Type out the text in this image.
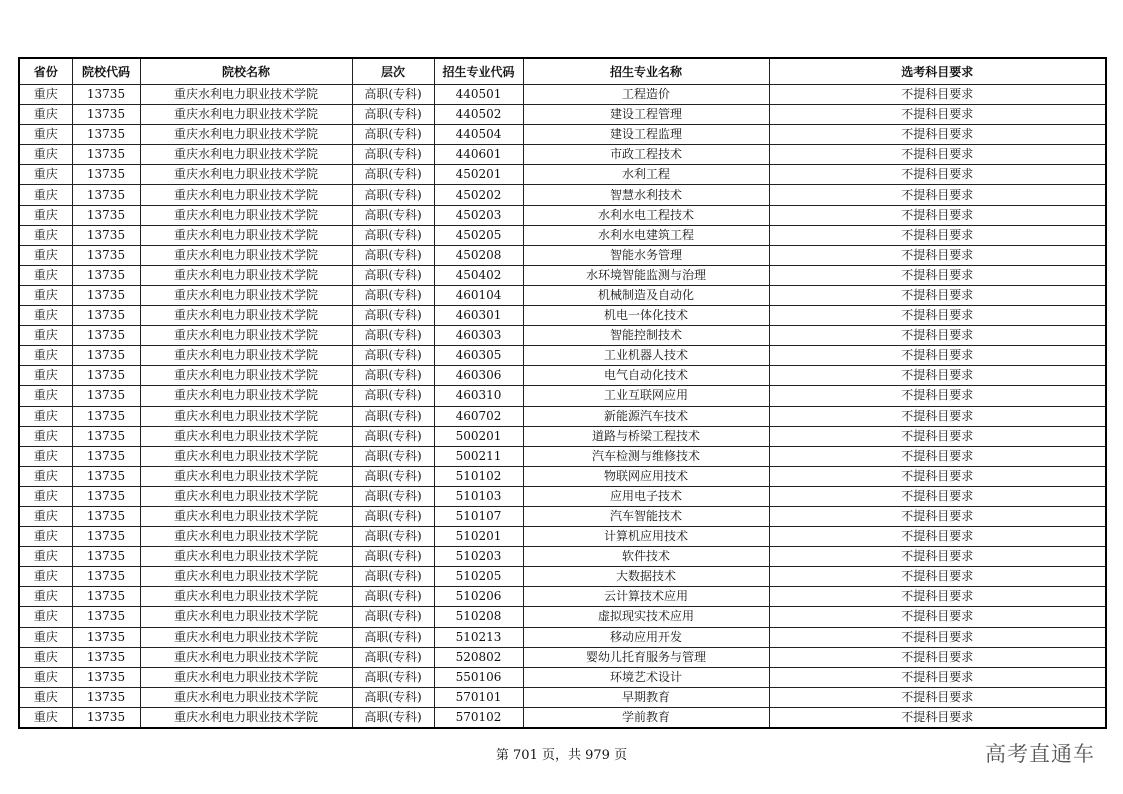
省份	院校代码	院校名称	层次	招生专业代码	招生专业名称	选考科目要求
重庆	13735	重庆水利电力职业技术学院	高职(专科)	440501	工程造价	不提科目要求
重庆	13735	重庆水利电力职业技术学院	高职(专科)	440502	建设工程管理	不提科目要求
重庆	13735	重庆水利电力职业技术学院	高职(专科)	440504	建设工程监理	不提科目要求
重庆	13735	重庆水利电力职业技术学院	高职(专科)	440601	市政工程技术	不提科目要求
重庆	13735	重庆水利电力职业技术学院	高职(专科)	450201	水利工程	不提科目要求
重庆	13735	重庆水利电力职业技术学院	高职(专科)	450202	智慧水利技术	不提科目要求
重庆	13735	重庆水利电力职业技术学院	高职(专科)	450203	水利水电工程技术	不提科目要求
重庆	13735	重庆水利电力职业技术学院	高职(专科)	450205	水利水电建筑工程	不提科目要求
重庆	13735	重庆水利电力职业技术学院	高职(专科)	450208	智能水务管理	不提科目要求
重庆	13735	重庆水利电力职业技术学院	高职(专科)	450402	水环境智能监测与治理	不提科目要求
重庆	13735	重庆水利电力职业技术学院	高职(专科)	460104	机械制造及自动化	不提科目要求
重庆	13735	重庆水利电力职业技术学院	高职(专科)	460301	机电一体化技术	不提科目要求
重庆	13735	重庆水利电力职业技术学院	高职(专科)	460303	智能控制技术	不提科目要求
重庆	13735	重庆水利电力职业技术学院	高职(专科)	460305	工业机器人技术	不提科目要求
重庆	13735	重庆水利电力职业技术学院	高职(专科)	460306	电气自动化技术	不提科目要求
重庆	13735	重庆水利电力职业技术学院	高职(专科)	460310	工业互联网应用	不提科目要求
重庆	13735	重庆水利电力职业技术学院	高职(专科)	460702	新能源汽车技术	不提科目要求
重庆	13735	重庆水利电力职业技术学院	高职(专科)	500201	道路与桥梁工程技术	不提科目要求
重庆	13735	重庆水利电力职业技术学院	高职(专科)	500211	汽车检测与维修技术	不提科目要求
重庆	13735	重庆水利电力职业技术学院	高职(专科)	510102	物联网应用技术	不提科目要求
重庆	13735	重庆水利电力职业技术学院	高职(专科)	510103	应用电子技术	不提科目要求
重庆	13735	重庆水利电力职业技术学院	高职(专科)	510107	汽车智能技术	不提科目要求
重庆	13735	重庆水利电力职业技术学院	高职(专科)	510201	计算机应用技术	不提科目要求
重庆	13735	重庆水利电力职业技术学院	高职(专科)	510203	软件技术	不提科目要求
重庆	13735	重庆水利电力职业技术学院	高职(专科)	510205	大数据技术	不提科目要求
重庆	13735	重庆水利电力职业技术学院	高职(专科)	510206	云计算技术应用	不提科目要求
重庆	13735	重庆水利电力职业技术学院	高职(专科)	510208	虚拟现实技术应用	不提科目要求
重庆	13735	重庆水利电力职业技术学院	高职(专科)	510213	移动应用开发	不提科目要求
重庆	13735	重庆水利电力职业技术学院	高职(专科)	520802	婴幼儿托育服务与管理	不提科目要求
重庆	13735	重庆水利电力职业技术学院	高职(专科)	550106	环境艺术设计	不提科目要求
重庆	13735	重庆水利电力职业技术学院	高职(专科)	570101	早期教育	不提科目要求
重庆	13735	重庆水利电力职业技术学院	高职(专科)	570102	学前教育	不提科目要求
第 701 页，共 979 页	高考直通车
